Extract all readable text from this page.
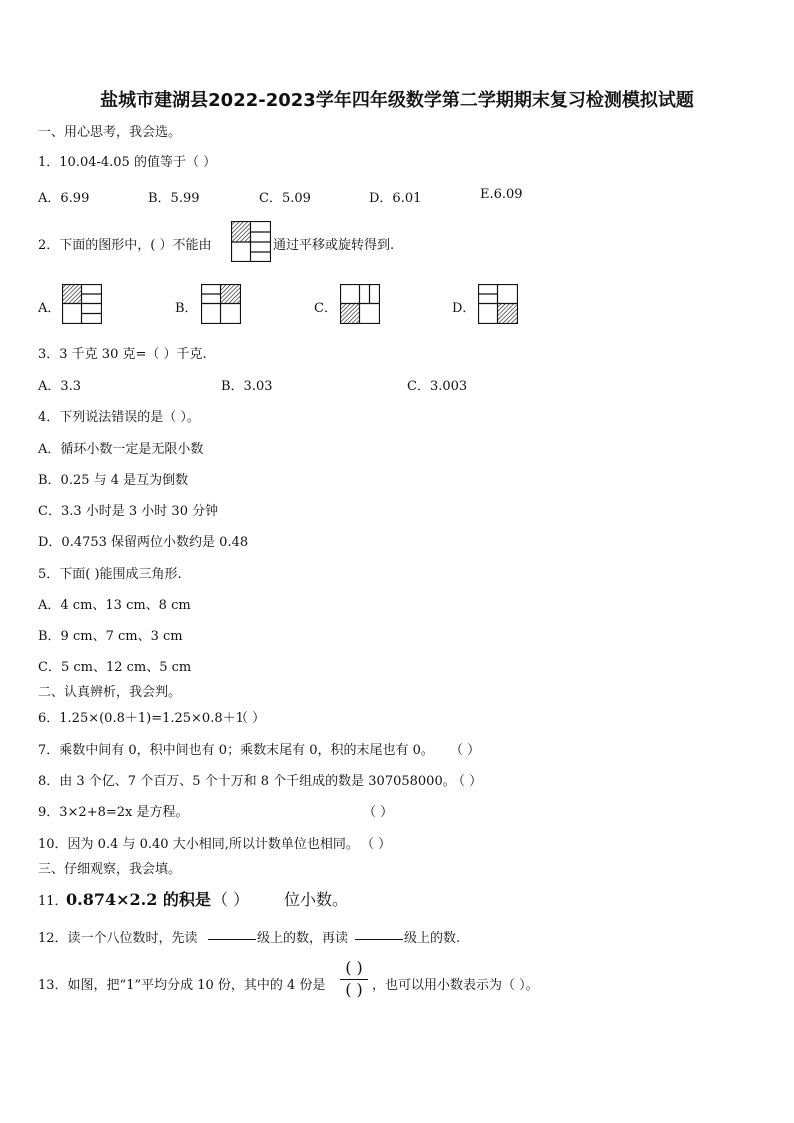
盐城市建湖县2022-2023学年四年级数学第二学期期末复习检测模拟试题
一、用心思考，我会选。
1．10.04-4.05 的值等于（ ）
A．6.99	B．5.99	C．5.09	D．6.01	E.6.09
2．下面的图形中，( ）不能由	通过平移或旋转得到.
A．	B．	C．	D．
3．3 千克 30 克=（ ）千克.
A．3.3	B．3.03	C．3.003
4．下列说法错误的是（ ）。
A．循环小数一定是无限小数
B．0.25 与 4 是互为倒数
C．3.3 小时是 3 小时 30 分钟
D．0.4753 保留两位小数约是 0.48
5．下面( )能围成三角形.
A．4 cm、13 cm、8 cm
B．9 cm、7 cm、3 cm
C．5 cm、12 cm、5 cm
二、认真辨析，我会判。
6．1.25×(0.8＋1)=1.25×0.8＋1
（ ）
7．乘数中间有 0，积中间也有 0；乘数末尾有 0，积的末尾也有 0。 （ ）
8．由 3 个亿、7 个百万、5 个十万和 8 个千组成的数是 307058000。
（ ）
9．3×2+8=2x 是方程。	（ ）
10．因为 0.4 与 0.40 大小相同,所以计数单位也相同。 （ ）
三、仔细观察，我会填。
11．
0.874×2.2 的积是 （ ） 位小数。
12．读一个八位数时，先读	级上的数，再读	级上的数.
13．如图，把“1”平均分成 10 份，其中的 4 份是
( )
( ) ，也可以用小数表示为（ ）。
